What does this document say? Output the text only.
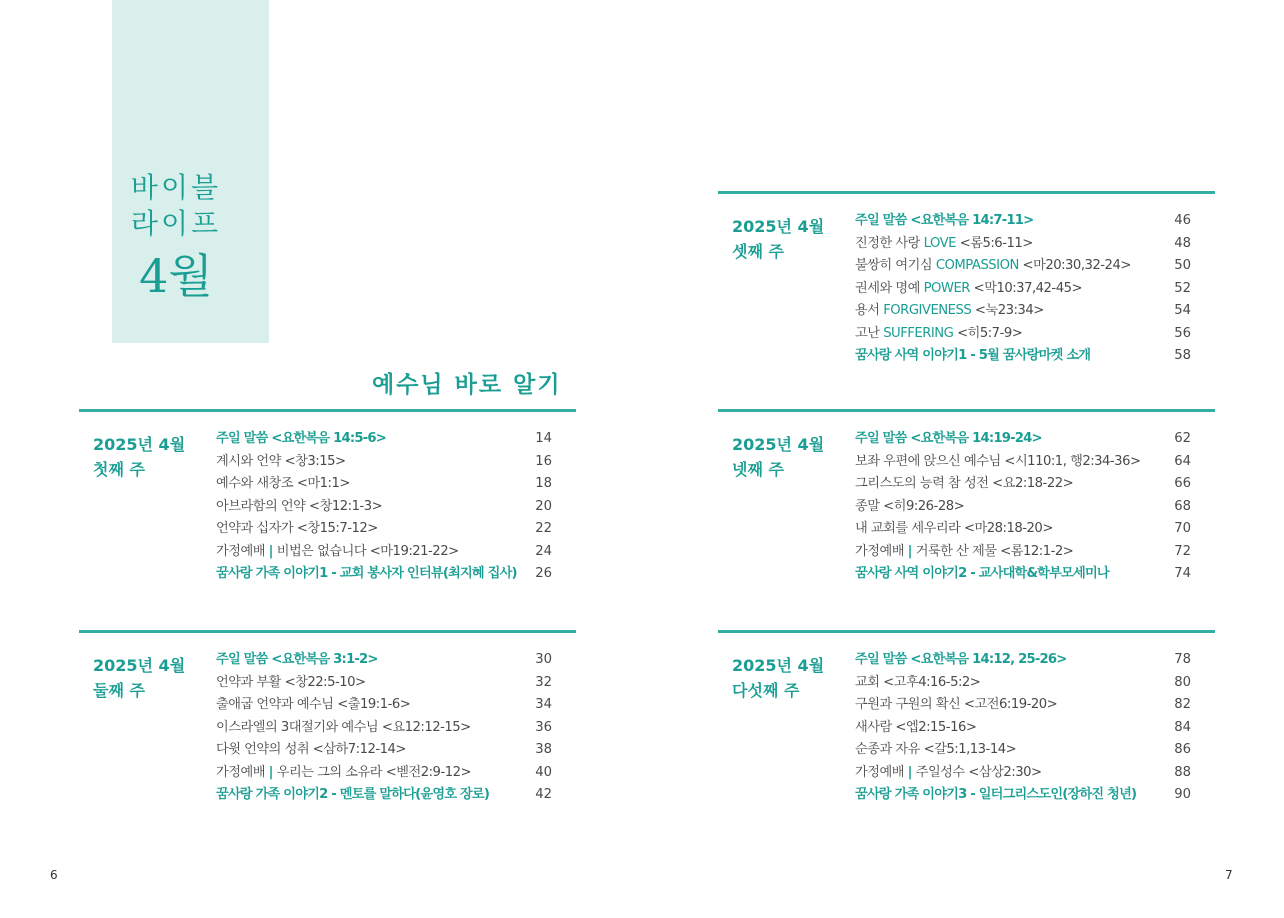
바이블
라이프
4월
예수님 바로 알기
2025년 4월
첫째 주
주일 말씀 <요한복음 14:5-6>	14
계시와 언약 <창3:15>	16
예수와 새창조 <마1:1>	18
아브라함의 언약 <창12:1-3>	20
언약과 십자가 <창15:7-12>	22
가정예배 | 비법은 없습니다 <마19:21-22>	24
꿈사랑 가족 이야기1 - 교회 봉사자 인터뷰(최지혜 집사) 26
2025년 4월
둘째 주
주일 말씀 <요한복음 3:1-2>	30
언약과 부활 <창22:5-10>	32
출애굽 언약과 예수님 <출19:1-6>	34
이스라엘의 3대절기와 예수님 <요12:12-15>	36
다윗 언약의 성취 <삼하7:12-14>	38
가정예배 | 우리는 그의 소유라 <벧전2:9-12>	40
꿈사랑 가족 이야기2 - 멘토를 말하다(윤영호 장로)	42
2025년 4월
셋째 주
주일 말씀 <요한복음 14:7-11>	46
진정한 사랑 LOVE <롬5:6-11>	48
불쌍히 여기심 COMPASSION <마20:30,32-24>	50
권세와 명예 POWER <막10:37,42-45>	52
용서 FORGIVENESS <눅23:34>	54
고난 SUFFERING <히5:7-9>	56
꿈사랑 사역 이야기1 - 5월 꿈사랑마켓 소개	58
2025년 4월
넷째 주
주일 말씀 <요한복음 14:19-24>	62
보좌 우편에 앉으신 예수님 <시110:1, 행2:34-36>	64
그리스도의 능력 참 성전 <요2:18-22>	66
종말 <히9:26-28>	68
내 교회를 세우리라 <마28:18-20>	70
가정예배 | 거룩한 산 제물 <롬12:1-2>	72
꿈사랑 사역 이야기2 - 교사대학&학부모세미나	74
2025년 4월
다섯째 주
주일 말씀 <요한복음 14:12, 25-26>	78
교회 <고후4:16-5:2>	80
구원과 구원의 확신 <고전6:19-20>	82
새사람 <엡2:15-16>	84
순종과 자유 <갈5:1,13-14>	86
가정예배 | 주일성수 <삼상2:30>	88
꿈사랑 가족 이야기3 - 일터그리스도인(장하진 청년)	90
6	7
